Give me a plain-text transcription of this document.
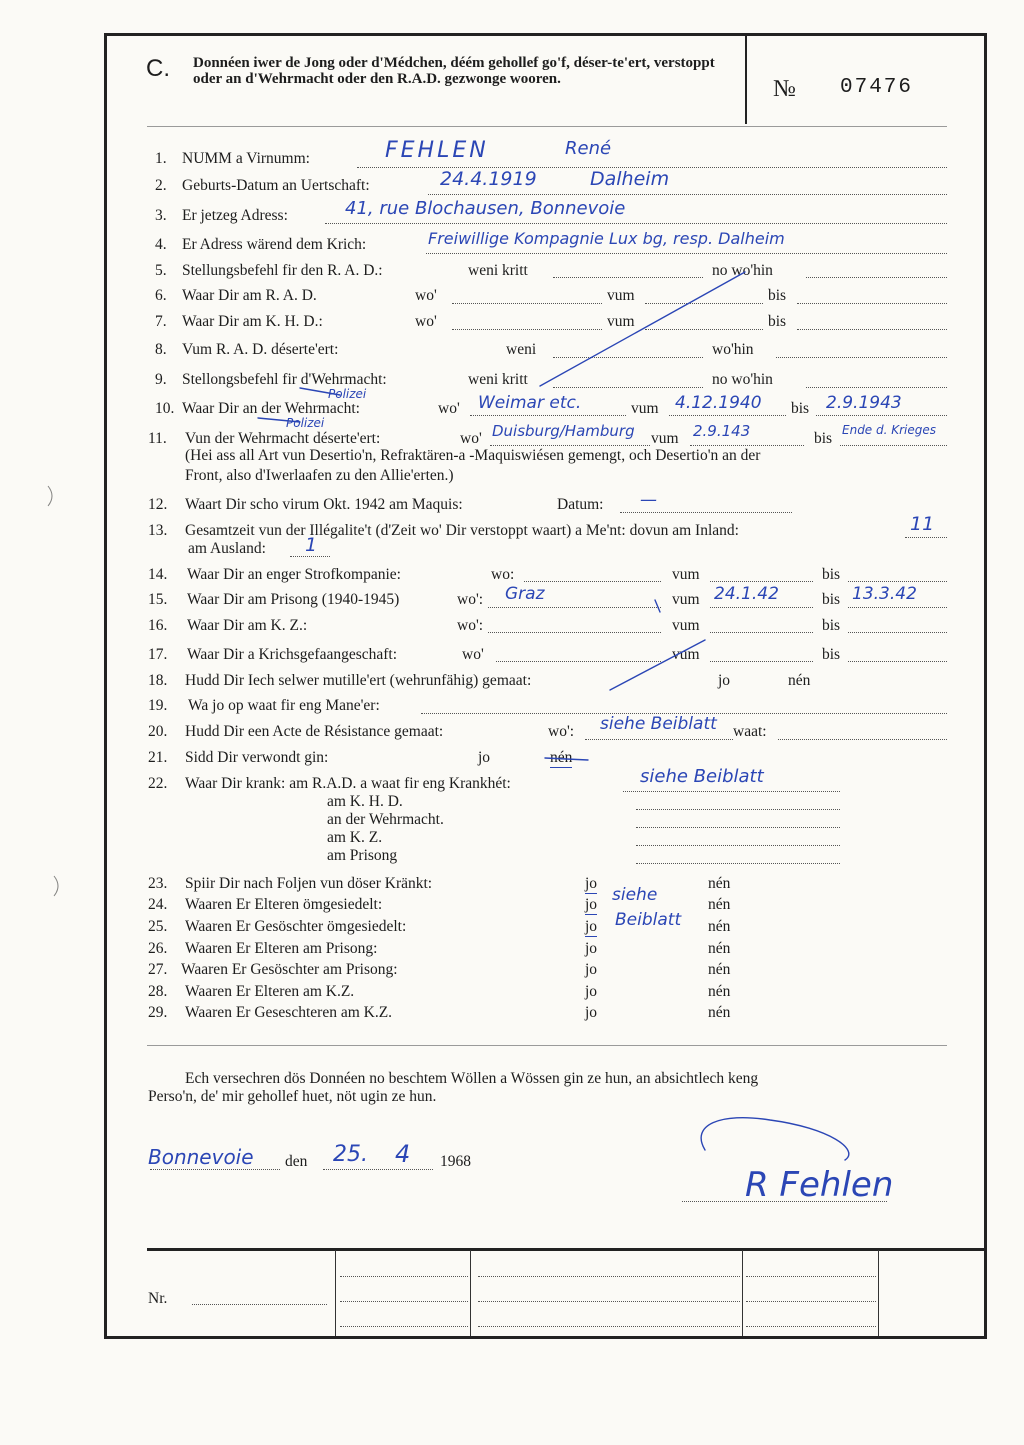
C. Donnéen iwer de Jong oder d'Médchen, déém gehollef go'f, déser-te'ert, verstoppt oder an d'Wehrmacht oder den R.A.D. gezwonge wooren.	№ 07476
1. NUMM a Virnumm:	FEHLEN	René
2. Geburts-Datum an Uertschaft:	24.4.1919	Dalheim
3. Er jetzeg Adress:	41, rue Blochausen, Bonnevoie
4. Er Adress wärend dem Krich:	Freiwillige Kompagnie Lux bg, resp. Dalheim
5. Stellungsbefehl fir den R. A. D.:	weni kritt	no wo'hin
6. Waar Dir am R. A. D.	wo'	vum	bis
7. Waar Dir am K. H. D.:	wo'	vum	bis
8. Vum R. A. D. déserte'ert:	weni	wo'hin
9. Stellongsbefehl fir d'Wehrmacht:	weni kritt	no wo'hin
Polizei
10. Waar Dir an der Wehrmacht:	wo' Weimar etc.	vum 4.12.1940 bis 2.9.1943
Polizei
11. Vun der Wehrmacht déserte'ert:	wo' Duisburg/Hamburg vum 2.9.143	bis Ende d. Krieges
(Hei ass all Art vun Desertio'n, Refraktären-a -Maquiswiésen gemengt, och Desertio'n an der
Front, also d'Iwerlaafen zu den Allie'erten.)
12. Waart Dir scho virum Okt. 1942 am Maquis:	Datum: —
13. Gesamtzeit vun der Illégalite't (d'Zeit wo' Dir verstoppt waart) a Me'nt: dovun am Inland:	11
am Ausland: 1
14. Waar Dir an enger Strofkompanie:	wo:	vum	bis
15. Waar Dir am Prisong (1940-1945)	wo': Graz	vum 24.1.42	bis 13.3.42
16. Waar Dir am K. Z.:	wo':	vum	bis
17. Waar Dir a Krichsgefaangeschaft:	wo'	vum	bis
18. Hudd Dir Iech selwer mutille'ert (wehrunfähig) gemaat:	jo	nén
19. Wa jo op waat fir eng Mane'er:
20. Hudd Dir een Acte de Résistance gemaat:	wo': siehe Beiblatt waat:
21. Sidd Dir verwondt gin:	jo	nén
22. Waar Dir krank: am R.A.D. a waat fir eng Krankhét:	siehe Beiblatt
am K. H. D.
an der Wehrmacht.
am K. Z.
am Prisong
23. Spiir Dir nach Foljen vun döser Kränkt:	jo	nén
24. Waaren Er Elteren ömgesiedelt:	jo	nén
25. Waaren Er Gesöschter ömgesiedelt:	jo	nén
siehe
Beiblatt
26. Waaren Er Elteren am Prisong:	jo	nén
27. Waaren Er Gesöschter am Prisong:	jo	nén
28. Waaren Er Elteren am K.Z.	jo	nén
29. Waaren Er Geseschteren am K.Z.	jo	nén
Ech versechren dös Donnéen no beschtem Wöllen a Wössen gin ze hun, an absichtlech keng
Perso'n, de' mir gehollef huet, nöt ugin ze hun.
Bonnevoie den 25. 4 1968
R Fehlen
Nr.
